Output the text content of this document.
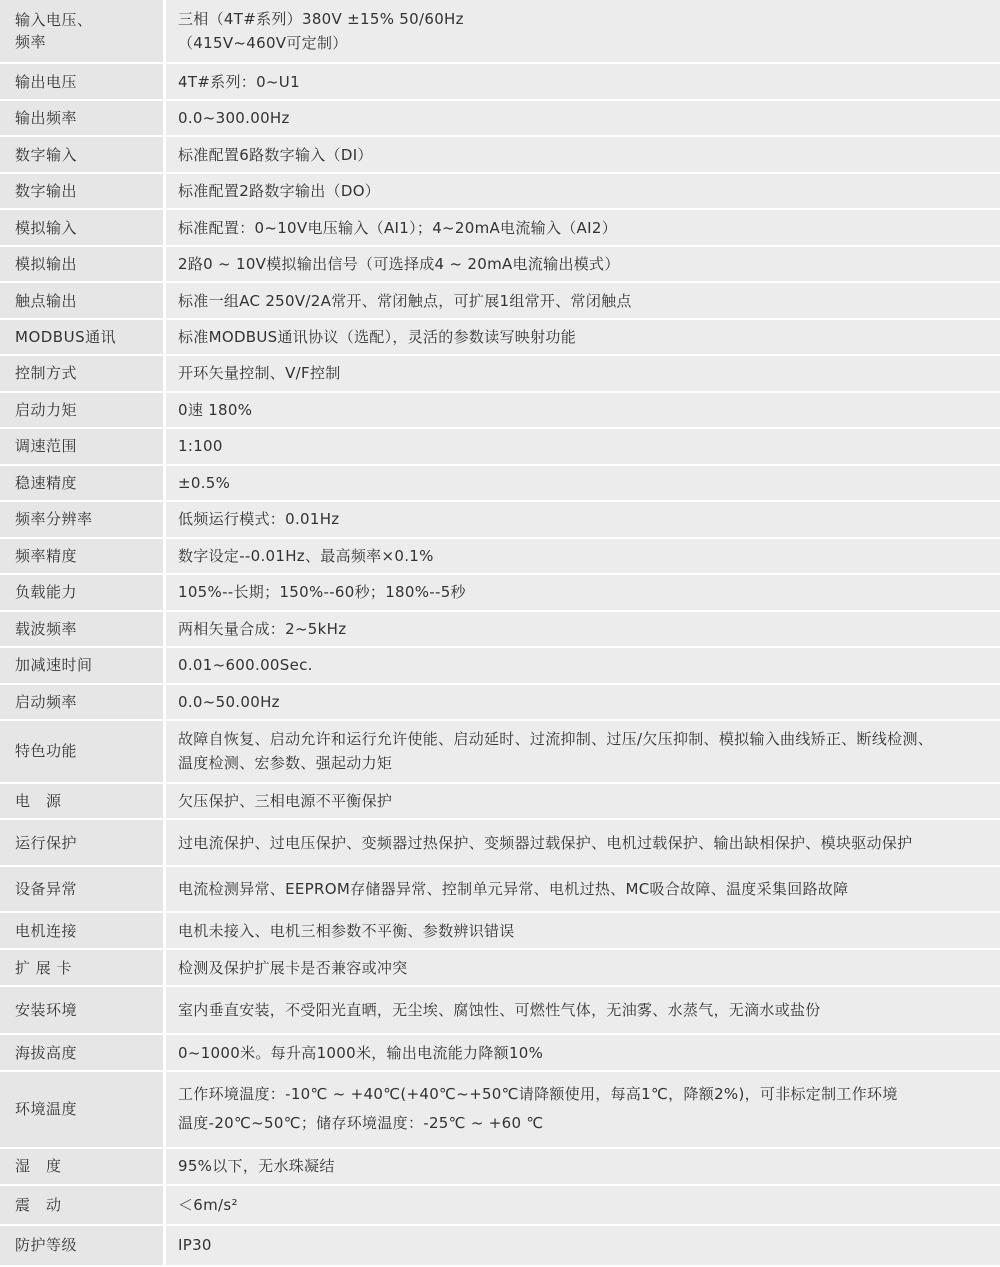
输入电压、
频率	三相（4T#系列）380V ±15% 50/60Hz
（415V~460V可定制）

输出电压	4T#系列：0~U1

输出频率	0.0~300.00Hz

数字输入	标准配置6路数字输入（DI）

数字输出	标准配置2路数字输出（DO）

模拟输入	标准配置：0~10V电压输入（AI1）；4~20mA电流输入（AI2）

模拟输出	2路0 ~ 10V模拟输出信号（可选择成4 ~ 20mA电流输出模式）

触点输出	标准一组AC 250V/2A常开、常闭触点，可扩展1组常开、常闭触点

MODBUS通讯	标准MODBUS通讯协议（选配），灵活的参数读写映射功能

控制方式	开环矢量控制、V/F控制

启动力矩	0速 180%

调速范围	1:100

稳速精度	±0.5%

频率分辨率	低频运行模式：0.01Hz

频率精度	数字设定--0.01Hz、最高频率×0.1%

负载能力	105%--长期；150%--60秒；180%--5秒

载波频率	两相矢量合成：2~5kHz

加减速时间	0.01~600.00Sec.

启动频率	0.0~50.00Hz

特色功能	故障自恢复、启动允许和运行允许使能、启动延时、过流抑制、过压/欠压抑制、模拟输入曲线矫正、断线检测、
温度检测、宏参数、强起动力矩

电　源	欠压保护、三相电源不平衡保护

运行保护	过电流保护、过电压保护、变频器过热保护、变频器过载保护、电机过载保护、输出缺相保护、模块驱动保护

设备异常	电流检测异常、EEPROM存储器异常、控制单元异常、电机过热、MC吸合故障、温度采集回路故障

电机连接	电机未接入、电机三相参数不平衡、参数辨识错误

扩 展 卡	检测及保护扩展卡是否兼容或冲突

安装环境	室内垂直安装，不受阳光直晒，无尘埃、腐蚀性、可燃性气体，无油雾、水蒸气，无滴水或盐份

海拔高度	0~1000米。每升高1000米，输出电流能力降额10%

环境温度	工作环境温度：-10℃ ~ +40℃(+40℃~+50℃请降额使用，每高1℃，降额2%)，可非标定制工作环境
温度-20℃~50℃；储存环境温度：-25℃ ~ +60 ℃

湿　度	95%以下，无水珠凝结

震　动	＜6m/s²

防护等级	IP30
